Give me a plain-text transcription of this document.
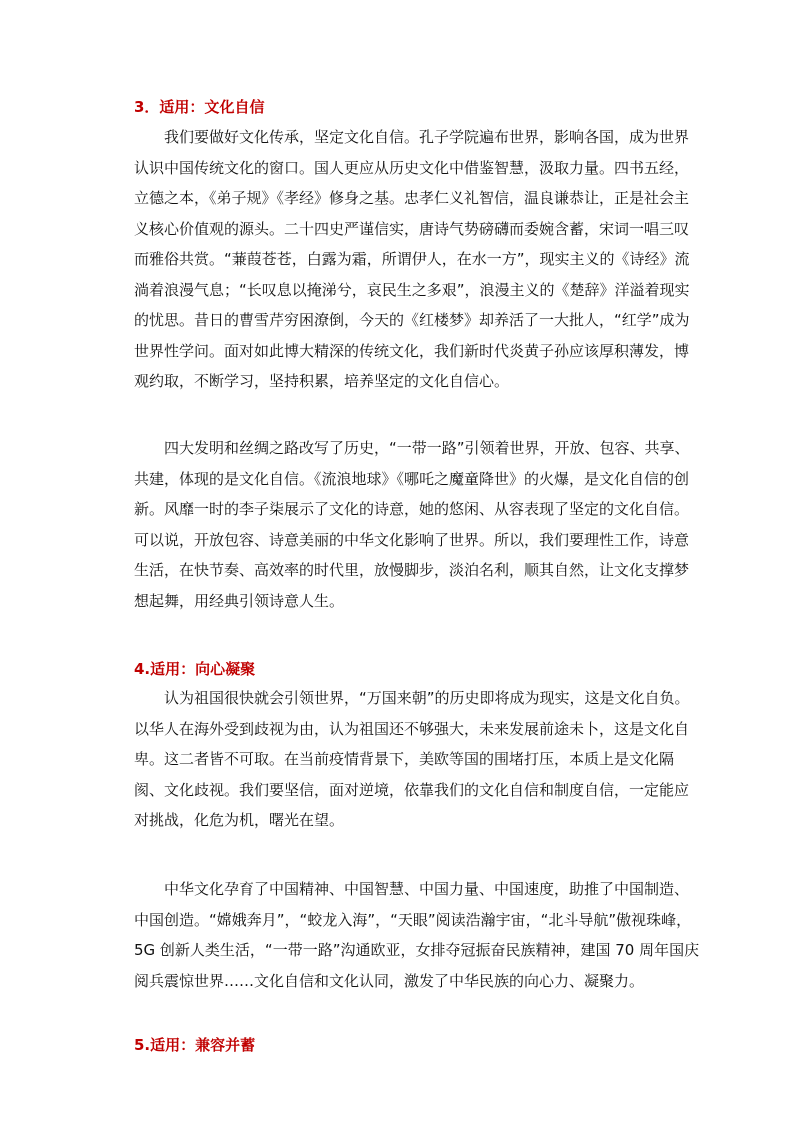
3．适用：文化自信
　　我们要做好文化传承，坚定文化自信。孔子学院遍布世界，影响各国，成为世界
认识中国传统文化的窗口。国人更应从历史文化中借鉴智慧，汲取力量。四书五经，
立德之本，《弟子规》《孝经》修身之基。忠孝仁义礼智信，温良谦恭让，正是社会主
义核心价值观的源头。二十四史严谨信实，唐诗气势磅礴而委婉含蓄，宋词一唱三叹
而雅俗共赏。“蒹葭苍苍，白露为霜，所谓伊人，在水一方”，现实主义的《诗经》流
淌着浪漫气息；“长叹息以掩涕兮，哀民生之多艰”，浪漫主义的《楚辞》洋溢着现实
的忧思。昔日的曹雪芹穷困潦倒，今天的《红楼梦》却养活了一大批人，“红学”成为
世界性学问。面对如此博大精深的传统文化，我们新时代炎黄子孙应该厚积薄发，博
观约取，不断学习，坚持积累，培养坚定的文化自信心。
　　四大发明和丝绸之路改写了历史，“一带一路”引领着世界，开放、包容、共享、
共建，体现的是文化自信。《流浪地球》《哪吒之魔童降世》的火爆，是文化自信的创
新。风靡一时的李子柒展示了文化的诗意，她的悠闲、从容表现了坚定的文化自信。
可以说，开放包容、诗意美丽的中华文化影响了世界。所以，我们要理性工作，诗意
生活，在快节奏、高效率的时代里，放慢脚步，淡泊名利，顺其自然，让文化支撑梦
想起舞，用经典引领诗意人生。
4.适用：向心凝聚
　　认为祖国很快就会引领世界，“万国来朝”的历史即将成为现实，这是文化自负。
以华人在海外受到歧视为由，认为祖国还不够强大，未来发展前途未卜，这是文化自
卑。这二者皆不可取。在当前疫情背景下，美欧等国的围堵打压，本质上是文化隔
阂、文化歧视。我们要坚信，面对逆境，依靠我们的文化自信和制度自信，一定能应
对挑战，化危为机，曙光在望。
　　中华文化孕育了中国精神、中国智慧、中国力量、中国速度，助推了中国制造、
中国创造。“嫦娥奔月”，“蛟龙入海”，“天眼”阅读浩瀚宇宙，“北斗导航”傲视珠峰，
5G 创新人类生活，“一带一路”沟通欧亚，女排夺冠振奋民族精神，建国 70 周年国庆
阅兵震惊世界……文化自信和文化认同，激发了中华民族的向心力、凝聚力。
5.适用：兼容并蓄
